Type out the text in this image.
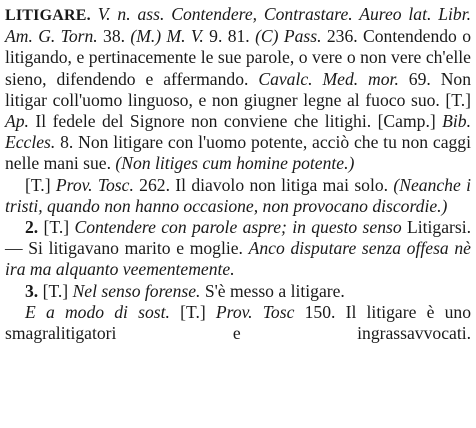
LITIGARE. V. n. ass. Contendere, Contrastare. Aureo lat. Libr. Am. G. Torn. 38. (M.) M. V. 9. 81. (C) Pass. 236. Contendendo o litigando, e pertinacemente le sue parole, o vere o non vere ch'elle sieno, difendendo e affermando. Cavalc. Med. mor. 69. Non litigar coll'uomo linguoso, e non giugner legne al fuoco suo. [T.] Ap. Il fedele del Signore non conviene che litighi. [Camp.] Bib. Eccles. 8. Non litigare con l'uomo potente, acciò che tu non caggi nelle mani sue. (Non litiges cum homine potente.)

[T.] Prov. Tosc. 262. Il diavolo non litiga mai solo. (Neanche i tristi, quando non hanno occasione, non provocano discordie.)

2. [T.] Contendere con parole aspre; in questo senso Litigarsi. — Si litigavano marito e moglie. Anco disputare senza offesa nè ira ma alquanto veementemente.

3. [T.] Nel senso forense. S'è messo a litigare.

E a modo di sost. [T.] Prov. Tosc 150. Il litigare è uno smagralitigatori e ingrassavvocati.
